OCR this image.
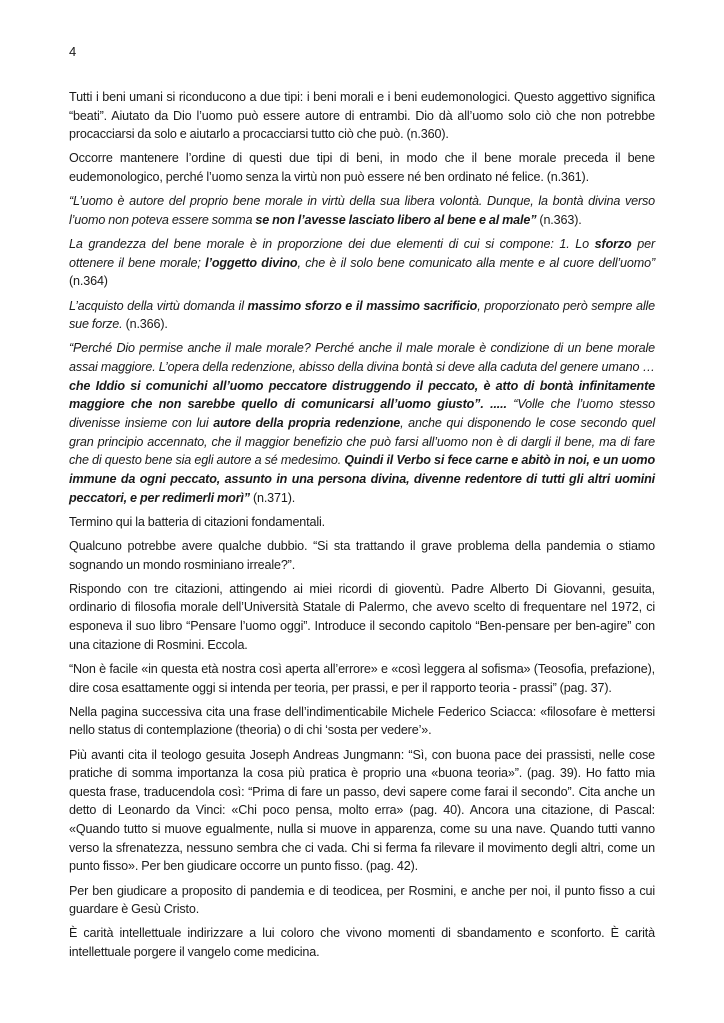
4

Tutti i beni umani si riconducono a due tipi: i beni morali e i beni eudemonologici. Questo aggettivo significa “beati”. Aiutato da Dio l’uomo può essere autore di entrambi. Dio dà all’uomo solo ciò che non potrebbe procacciarsi da solo e aiutarlo a procacciarsi tutto ciò che può. (n.360).

Occorre mantenere l’ordine di questi due tipi di beni, in modo che il bene morale preceda il bene eudemonologico, perché l’uomo senza la virtù non può essere né ben ordinato né felice. (n.361).

“L’uomo è autore del proprio bene morale in virtù della sua libera volontà. Dunque, la bontà divina verso l’uomo non poteva essere somma se non l’avesse lasciato libero al bene e al male” (n.363).

La grandezza del bene morale è in proporzione dei due elementi di cui si compone: 1. Lo sforzo per ottenere il bene morale; l’oggetto divino, che è il solo bene comunicato alla mente e al cuore dell’uomo” (n.364)

L’acquisto della virtù domanda il massimo sforzo e il massimo sacrificio, proporzionato però sempre alle sue forze. (n.366).

“Perché Dio permise anche il male morale? Perché anche il male morale è condizione di un bene morale assai maggiore. L’opera della redenzione, abisso della divina bontà si deve alla caduta del genere umano … che Iddio si comunichi all’uomo peccatore distruggendo il peccato, è atto di bontà infinitamente maggiore che non sarebbe quello di comunicarsi all’uomo giusto”. ..... “Volle che l’uomo stesso divenisse insieme con lui autore della propria redenzione, anche qui disponendo le cose secondo quel gran principio accennato, che il maggior benefizio che può farsi all’uomo non è di dargli il bene, ma di fare che di questo bene sia egli autore a sé medesimo. Quindi il Verbo si fece carne e abitò in noi, e un uomo immune da ogni peccato, assunto in una persona divina, divenne redentore di tutti gli altri uomini peccatori, e per redimerli morì” (n.371).

Termino qui la batteria di citazioni fondamentali.

Qualcuno potrebbe avere qualche dubbio. “Si sta trattando il grave problema della pandemia o stiamo sognando un mondo rosminiano irreale?”.

Rispondo con tre citazioni, attingendo ai miei ricordi di gioventù. Padre Alberto Di Giovanni, gesuita, ordinario di filosofia morale dell’Università Statale di Palermo, che avevo scelto di frequentare nel 1972, ci esponeva il suo libro “Pensare l’uomo oggi”. Introduce il secondo capitolo “Ben-pensare per ben-agire” con una citazione di Rosmini. Eccola.

“Non è facile «in questa età nostra così aperta all’errore» e «così leggera al sofisma» (Teosofia, prefazione), dire cosa esattamente oggi si intenda per teoria, per prassi, e per il rapporto teoria - prassi” (pag. 37).

Nella pagina successiva cita una frase dell’indimenticabile Michele Federico Sciacca: «filosofare è mettersi nello status di contemplazione (theoria) o di chi ‘sosta per vedere’».

Più avanti cita il teologo gesuita Joseph Andreas Jungmann: “Sì, con buona pace dei prassisti, nelle cose pratiche di somma importanza la cosa più pratica è proprio una «buona teoria»”. (pag. 39). Ho fatto mia questa frase, traducendola così: “Prima di fare un passo, devi sapere come farai il secondo”. Cita anche un detto di Leonardo da Vinci: «Chi poco pensa, molto erra» (pag. 40). Ancora una citazione, di Pascal: «Quando tutto si muove egualmente, nulla si muove in apparenza, come su una nave. Quando tutti vanno verso la sfrenatezza, nessuno sembra che ci vada. Chi si ferma fa rilevare il movimento degli altri, come un punto fisso». Per ben giudicare occorre un punto fisso. (pag. 42).

Per ben giudicare a proposito di pandemia e di teodicea, per Rosmini, e anche per noi, il punto fisso a cui guardare è Gesù Cristo.

È carità intellettuale indirizzare a lui coloro che vivono momenti di sbandamento e sconforto. È carità intellettuale porgere il vangelo come medicina.
